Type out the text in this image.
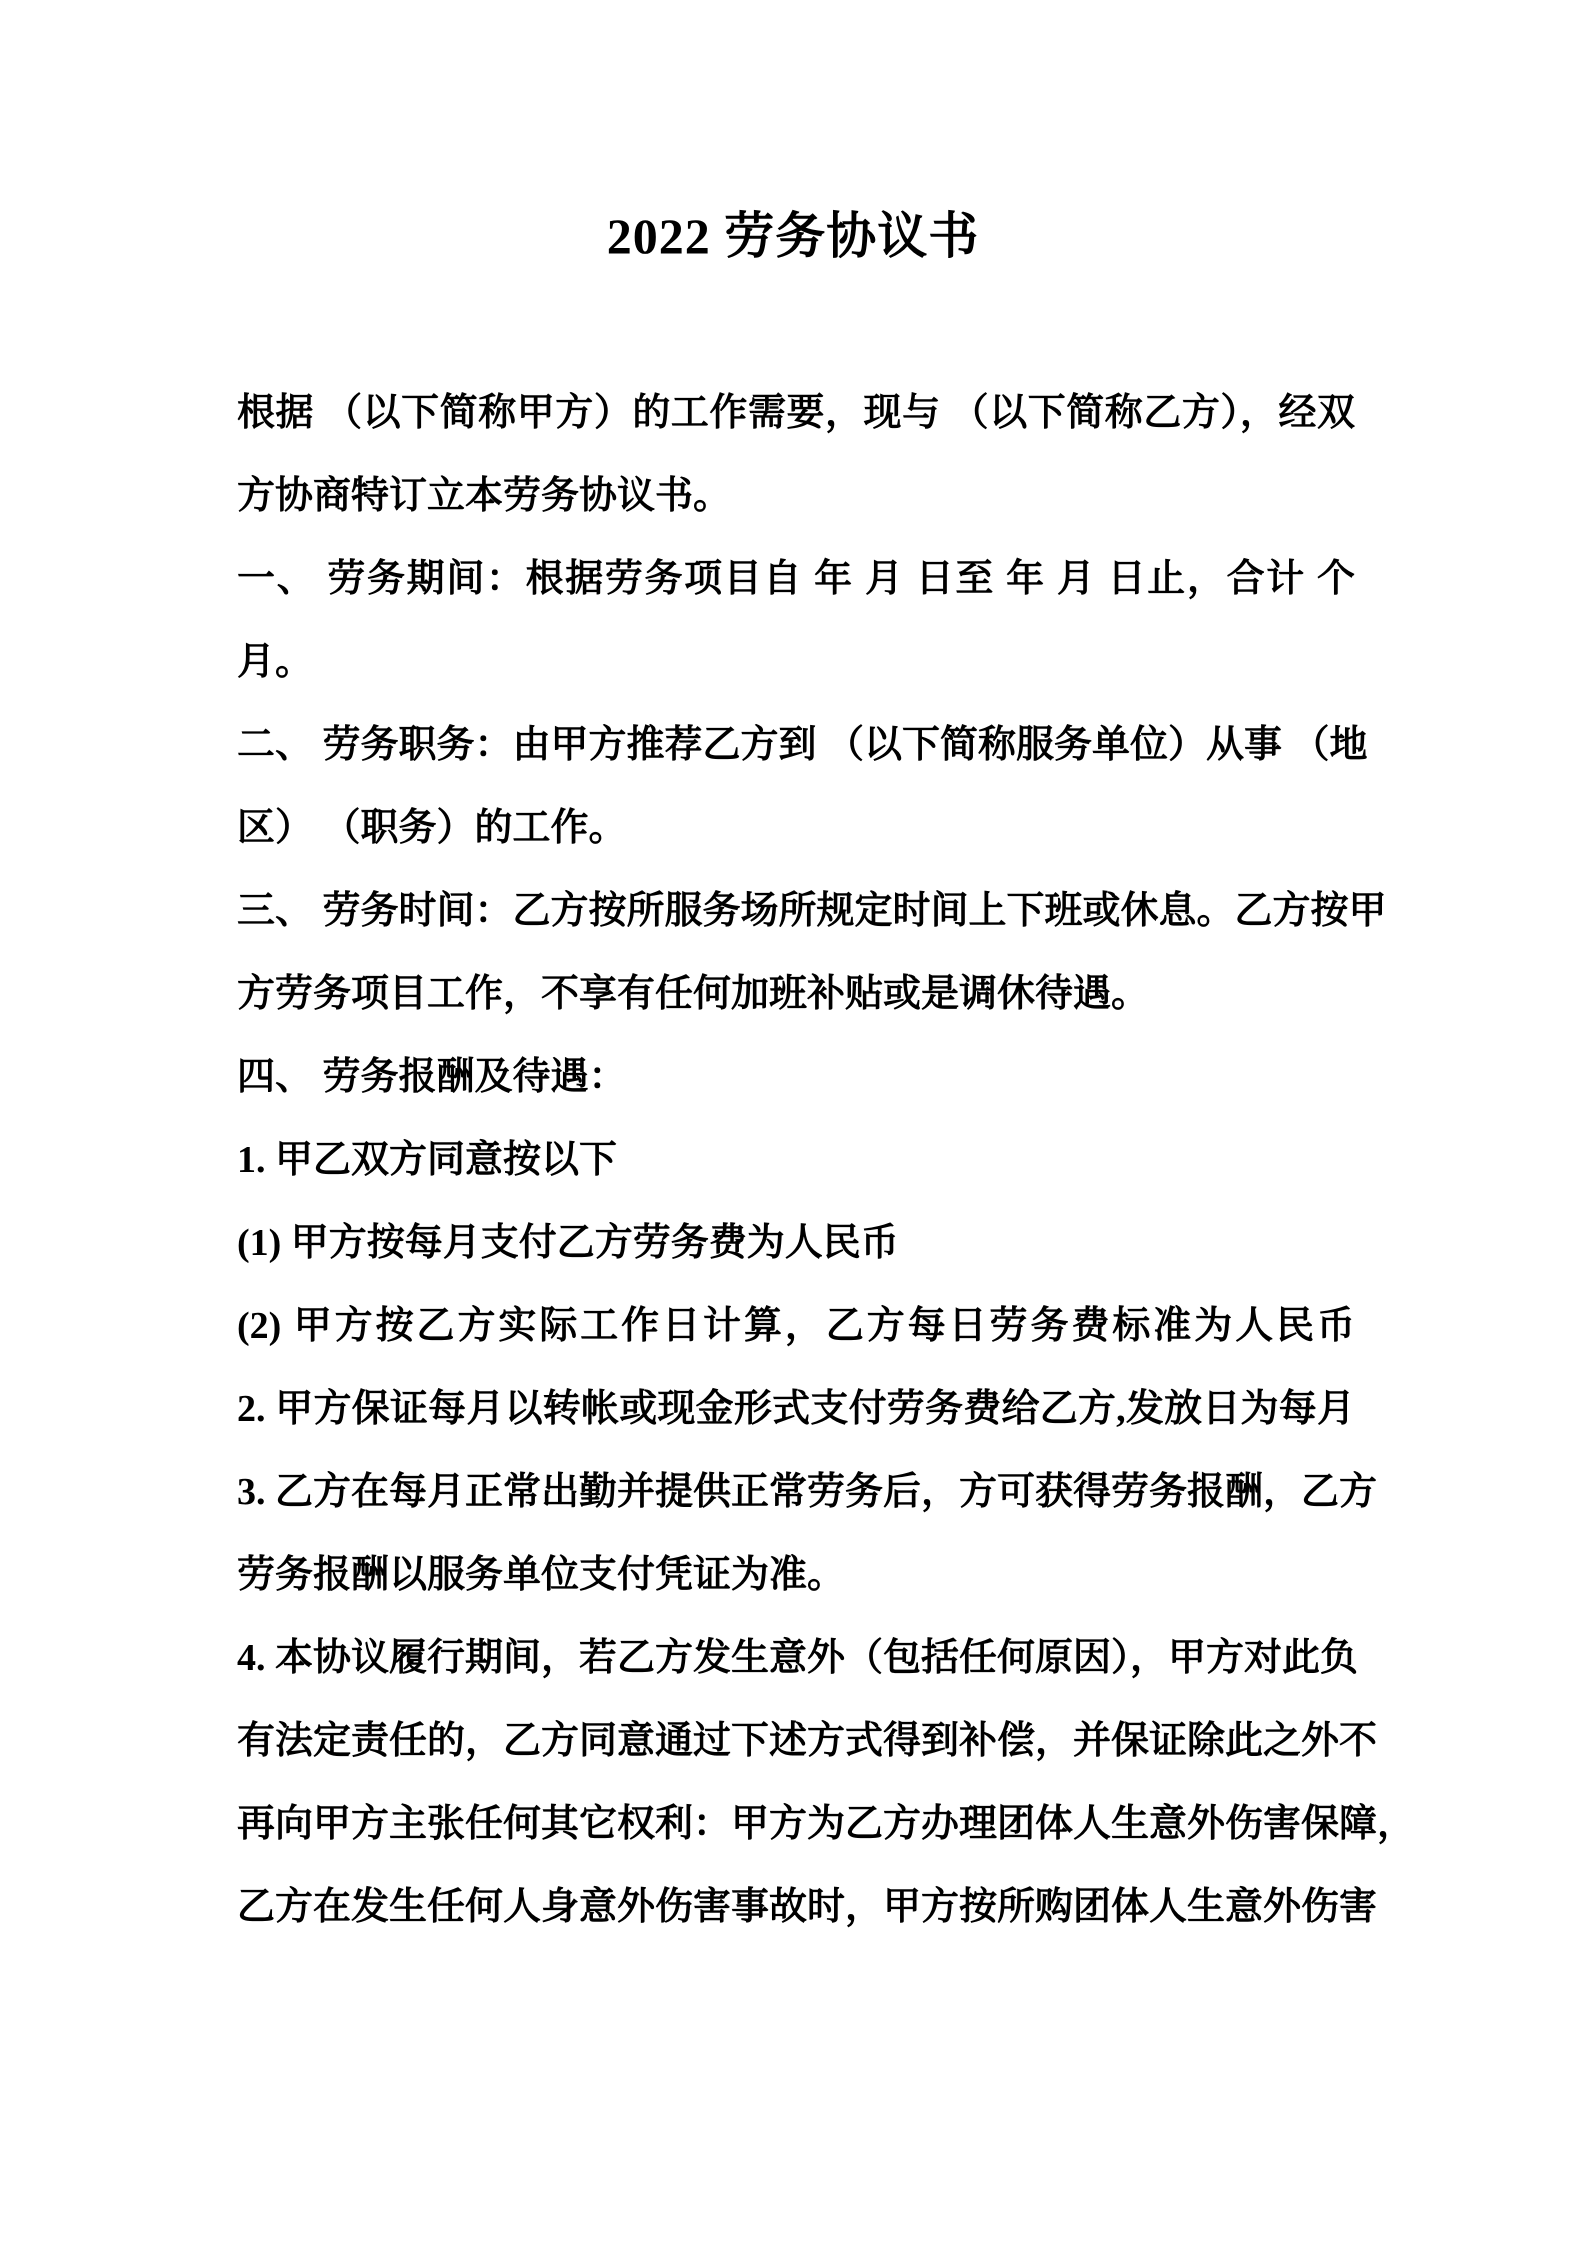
2022 劳务协议书
根据 （以下简称甲方）的工作需要，现与 （以下简称乙方），经双
方协商特订立本劳务协议书。
一、 劳务期间：根据劳务项目自 年 月 日至 年 月 日止，合计 个
月。
二、 劳务职务：由甲方推荐乙方到 （以下简称服务单位）从事 （地
区） （职务）的工作。
三、 劳务时间：乙方按所服务场所规定时间上下班或休息。乙方按甲
方劳务项目工作，不享有任何加班补贴或是调休待遇。
四、 劳务报酬及待遇：
1. 甲乙双方同意按以下
(1) 甲方按每月支付乙方劳务费为人民币
(2) 甲方按乙方实际工作日计算，乙方每日劳务费标准为人民币
2. 甲方保证每月以转帐或现金形式支付劳务费给乙方,发放日为每月
3. 乙方在每月正常出勤并提供正常劳务后，方可获得劳务报酬，乙方
劳务报酬以服务单位支付凭证为准。
4. 本协议履行期间，若乙方发生意外（包括任何原因），甲方对此负
有法定责任的，乙方同意通过下述方式得到补偿，并保证除此之外不
再向甲方主张任何其它权利：甲方为乙方办理团体人生意外伤害保障，
乙方在发生任何人身意外伤害事故时，甲方按所购团体人生意外伤害
